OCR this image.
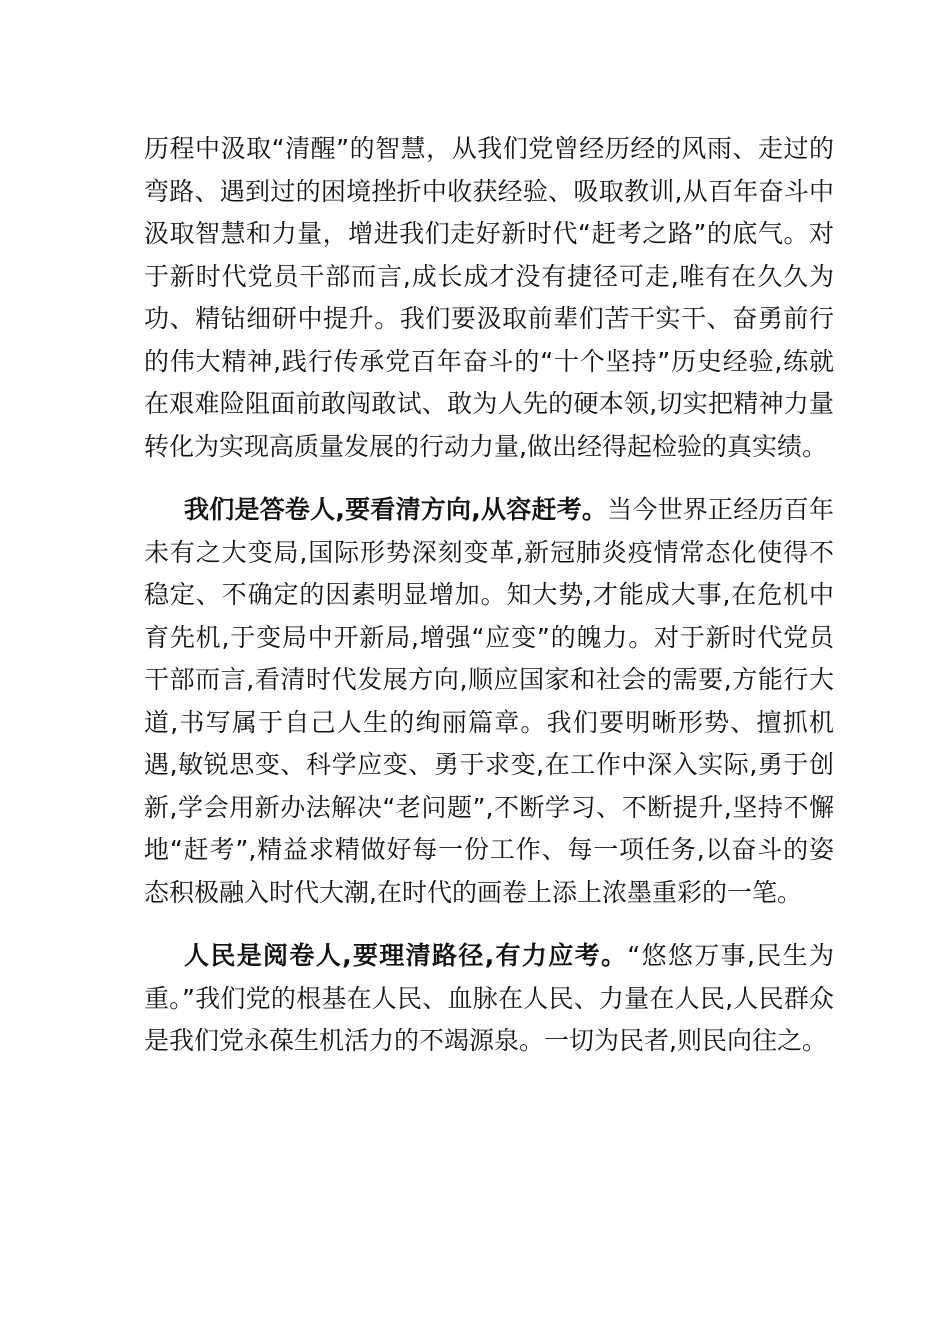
历程中汲取“清醒”的智慧，从我们党曾经历经的风雨、走过的弯路、遇到过的困境挫折中收获经验、吸取教训,从百年奋斗中汲取智慧和力量，增进我们走好新时代“赶考之路”的底气。对于新时代党员干部而言,成长成才没有捷径可走,唯有在久久为功、精钻细研中提升。我们要汲取前辈们苦干实干、奋勇前行的伟大精神,践行传承党百年奋斗的“十个坚持”历史经验,练就在艰难险阻面前敢闯敢试、敢为人先的硬本领,切实把精神力量转化为实现高质量发展的行动力量,做出经得起检验的真实绩。

我们是答卷人,要看清方向,从容赶考。当今世界正经历百年未有之大变局,国际形势深刻变革,新冠肺炎疫情常态化使得不稳定、不确定的因素明显增加。知大势,才能成大事,在危机中育先机,于变局中开新局,增强“应变”的魄力。对于新时代党员干部而言,看清时代发展方向,顺应国家和社会的需要,方能行大道,书写属于自己人生的绚丽篇章。我们要明晰形势、擅抓机遇,敏锐思变、科学应变、勇于求变,在工作中深入实际,勇于创新,学会用新办法解决“老问题”,不断学习、不断提升,坚持不懈地“赶考”,精益求精做好每一份工作、每一项任务,以奋斗的姿态积极融入时代大潮,在时代的画卷上添上浓墨重彩的一笔。

人民是阅卷人,要理清路径,有力应考。“悠悠万事,民生为重。”我们党的根基在人民、血脉在人民、力量在人民,人民群众是我们党永葆生机活力的不竭源泉。一切为民者,则民向往之。
